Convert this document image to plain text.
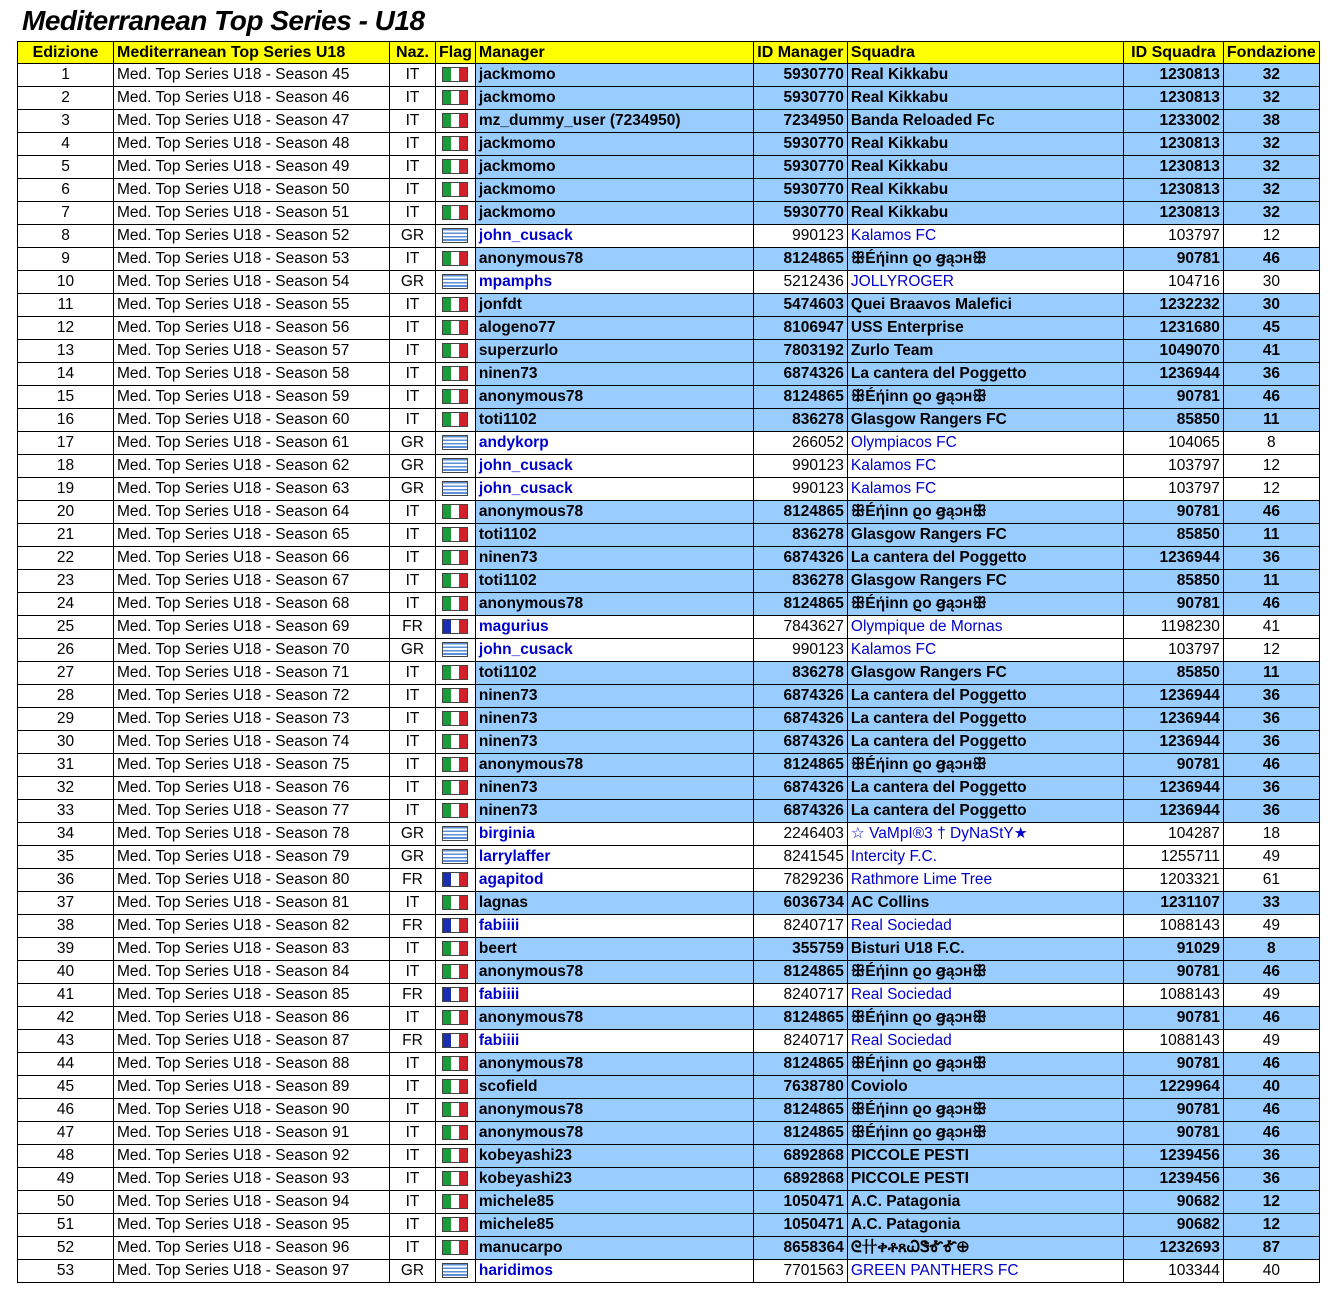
Mediterranean Top Series - U18
Edizione	Mediterranean Top Series U18	Naz.	Flag	Manager	ID Manager	Squadra	ID Squadra	Fondazione
1	Med. Top Series U18 - Season 45	IT		jackmomo	5930770	Real Kikkabu	1230813	32
2	Med. Top Series U18 - Season 46	IT		jackmomo	5930770	Real Kikkabu	1230813	32
3	Med. Top Series U18 - Season 47	IT		mz_dummy_user (7234950)	7234950	Banda Reloaded Fc	1233002	38
4	Med. Top Series U18 - Season 48	IT		jackmomo	5930770	Real Kikkabu	1230813	32
5	Med. Top Series U18 - Season 49	IT		jackmomo	5930770	Real Kikkabu	1230813	32
6	Med. Top Series U18 - Season 50	IT		jackmomo	5930770	Real Kikkabu	1230813	32
7	Med. Top Series U18 - Season 51	IT		jackmomo	5930770	Real Kikkabu	1230813	32
8	Med. Top Series U18 - Season 52	GR		john_cusack	990123	Kalamos FC	103797	12
9	Med. Top Series U18 - Season 53	IT		anonymous78	8124865	ꕥÉήinn ϱo ꞡąɔʜꕥ	90781	46
10	Med. Top Series U18 - Season 54	GR		mpamphs	5212436	JOLLYROGER	104716	30
11	Med. Top Series U18 - Season 55	IT		jonfdt	5474603	Quei Braavos Malefici	1232232	30
12	Med. Top Series U18 - Season 56	IT		alogeno77	8106947	USS Enterprise	1231680	45
13	Med. Top Series U18 - Season 57	IT		superzurlo	7803192	Zurlo Team	1049070	41
14	Med. Top Series U18 - Season 58	IT		ninen73	6874326	La cantera del Poggetto	1236944	36
15	Med. Top Series U18 - Season 59	IT		anonymous78	8124865	ꕥÉήinn ϱo ꞡąɔʜꕥ	90781	46
16	Med. Top Series U18 - Season 60	IT		toti1102	836278	Glasgow Rangers FC	85850	11
17	Med. Top Series U18 - Season 61	GR		andykorp	266052	Olympiacos FC	104065	8
18	Med. Top Series U18 - Season 62	GR		john_cusack	990123	Kalamos FC	103797	12
19	Med. Top Series U18 - Season 63	GR		john_cusack	990123	Kalamos FC	103797	12
20	Med. Top Series U18 - Season 64	IT		anonymous78	8124865	ꕥÉήinn ϱo ꞡąɔʜꕥ	90781	46
21	Med. Top Series U18 - Season 65	IT		toti1102	836278	Glasgow Rangers FC	85850	11
22	Med. Top Series U18 - Season 66	IT		ninen73	6874326	La cantera del Poggetto	1236944	36
23	Med. Top Series U18 - Season 67	IT		toti1102	836278	Glasgow Rangers FC	85850	11
24	Med. Top Series U18 - Season 68	IT		anonymous78	8124865	ꕥÉήinn ϱo ꞡąɔʜꕥ	90781	46
25	Med. Top Series U18 - Season 69	FR		magurius	7843627	Olympique de Mornas	1198230	41
26	Med. Top Series U18 - Season 70	GR		john_cusack	990123	Kalamos FC	103797	12
27	Med. Top Series U18 - Season 71	IT		toti1102	836278	Glasgow Rangers FC	85850	11
28	Med. Top Series U18 - Season 72	IT		ninen73	6874326	La cantera del Poggetto	1236944	36
29	Med. Top Series U18 - Season 73	IT		ninen73	6874326	La cantera del Poggetto	1236944	36
30	Med. Top Series U18 - Season 74	IT		ninen73	6874326	La cantera del Poggetto	1236944	36
31	Med. Top Series U18 - Season 75	IT		anonymous78	8124865	ꕥÉήinn ϱo ꞡąɔʜꕥ	90781	46
32	Med. Top Series U18 - Season 76	IT		ninen73	6874326	La cantera del Poggetto	1236944	36
33	Med. Top Series U18 - Season 77	IT		ninen73	6874326	La cantera del Poggetto	1236944	36
34	Med. Top Series U18 - Season 78	GR		birginia	2246403	☆ VaMpI®3 † DyNaStY★	104287	18
35	Med. Top Series U18 - Season 79	GR		larrylaffer	8241545	Intercity F.C.	1255711	49
36	Med. Top Series U18 - Season 80	FR		agapitod	7829236	Rathmore Lime Tree	1203321	61
37	Med. Top Series U18 - Season 81	IT		lagnas	6036734	AC Collins	1231107	33
38	Med. Top Series U18 - Season 82	FR		fabiiii	8240717	Real Sociedad	1088143	49
39	Med. Top Series U18 - Season 83	IT		beert	355759	Bisturi U18 F.C.	91029	8
40	Med. Top Series U18 - Season 84	IT		anonymous78	8124865	ꕥÉήinn ϱo ꞡąɔʜꕥ	90781	46
41	Med. Top Series U18 - Season 85	FR		fabiiii	8240717	Real Sociedad	1088143	49
42	Med. Top Series U18 - Season 86	IT		anonymous78	8124865	ꕥÉήinn ϱo ꞡąɔʜꕥ	90781	46
43	Med. Top Series U18 - Season 87	FR		fabiiii	8240717	Real Sociedad	1088143	49
44	Med. Top Series U18 - Season 88	IT		anonymous78	8124865	ꕥÉήinn ϱo ꞡąɔʜꕥ	90781	46
45	Med. Top Series U18 - Season 89	IT		scofield	7638780	Coviolo	1229964	40
46	Med. Top Series U18 - Season 90	IT		anonymous78	8124865	ꕥÉήinn ϱo ꞡąɔʜꕥ	90781	46
47	Med. Top Series U18 - Season 91	IT		anonymous78	8124865	ꕥÉήinn ϱo ꞡąɔʜꕥ	90781	46
48	Med. Top Series U18 - Season 92	IT		kobeyashi23	6892868	PICCOLE PESTI	1239456	36
49	Med. Top Series U18 - Season 93	IT		kobeyashi23	6892868	PICCOLE PESTI	1239456	36
50	Med. Top Series U18 - Season 94	IT		michele85	1050471	A.C. Patagonia	90682	12
51	Med. Top Series U18 - Season 95	IT		michele85	1050471	A.C. Patagonia	90682	12
52	Med. Top Series U18 - Season 96	IT		manucarpo	8658364	ᘓ卄ቀቶጸᏇᏕᎹᎹ⊕	1232693	87
53	Med. Top Series U18 - Season 97	GR		haridimos	7701563	GREEN PANTHERS FC	103344	40
